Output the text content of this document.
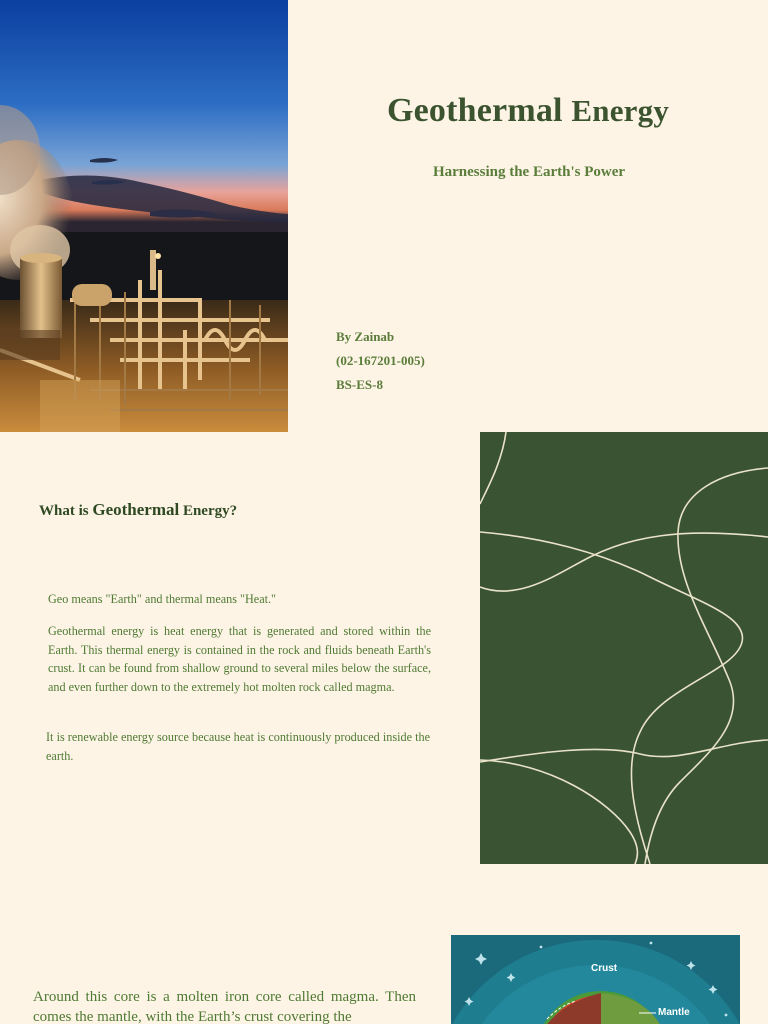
Geothermal Energy
Harnessing the Earth's Power
By Zainab
(02-167201-005)
BS-ES-8
What is Geothermal Energy?

Geo means "Earth" and thermal means "Heat."

Geothermal energy is heat energy that is generated and stored within the Earth. This thermal energy is contained in the rock and fluids beneath Earth's crust. It can be found from shallow ground to several miles below the surface, and even further down to the extremely hot molten rock called magma.

It is renewable energy source because heat is continuously produced inside the earth.

Around this core is a molten iron core called magma. Then comes the mantle, with the Earth’s crust covering the

Crust
Mantle
